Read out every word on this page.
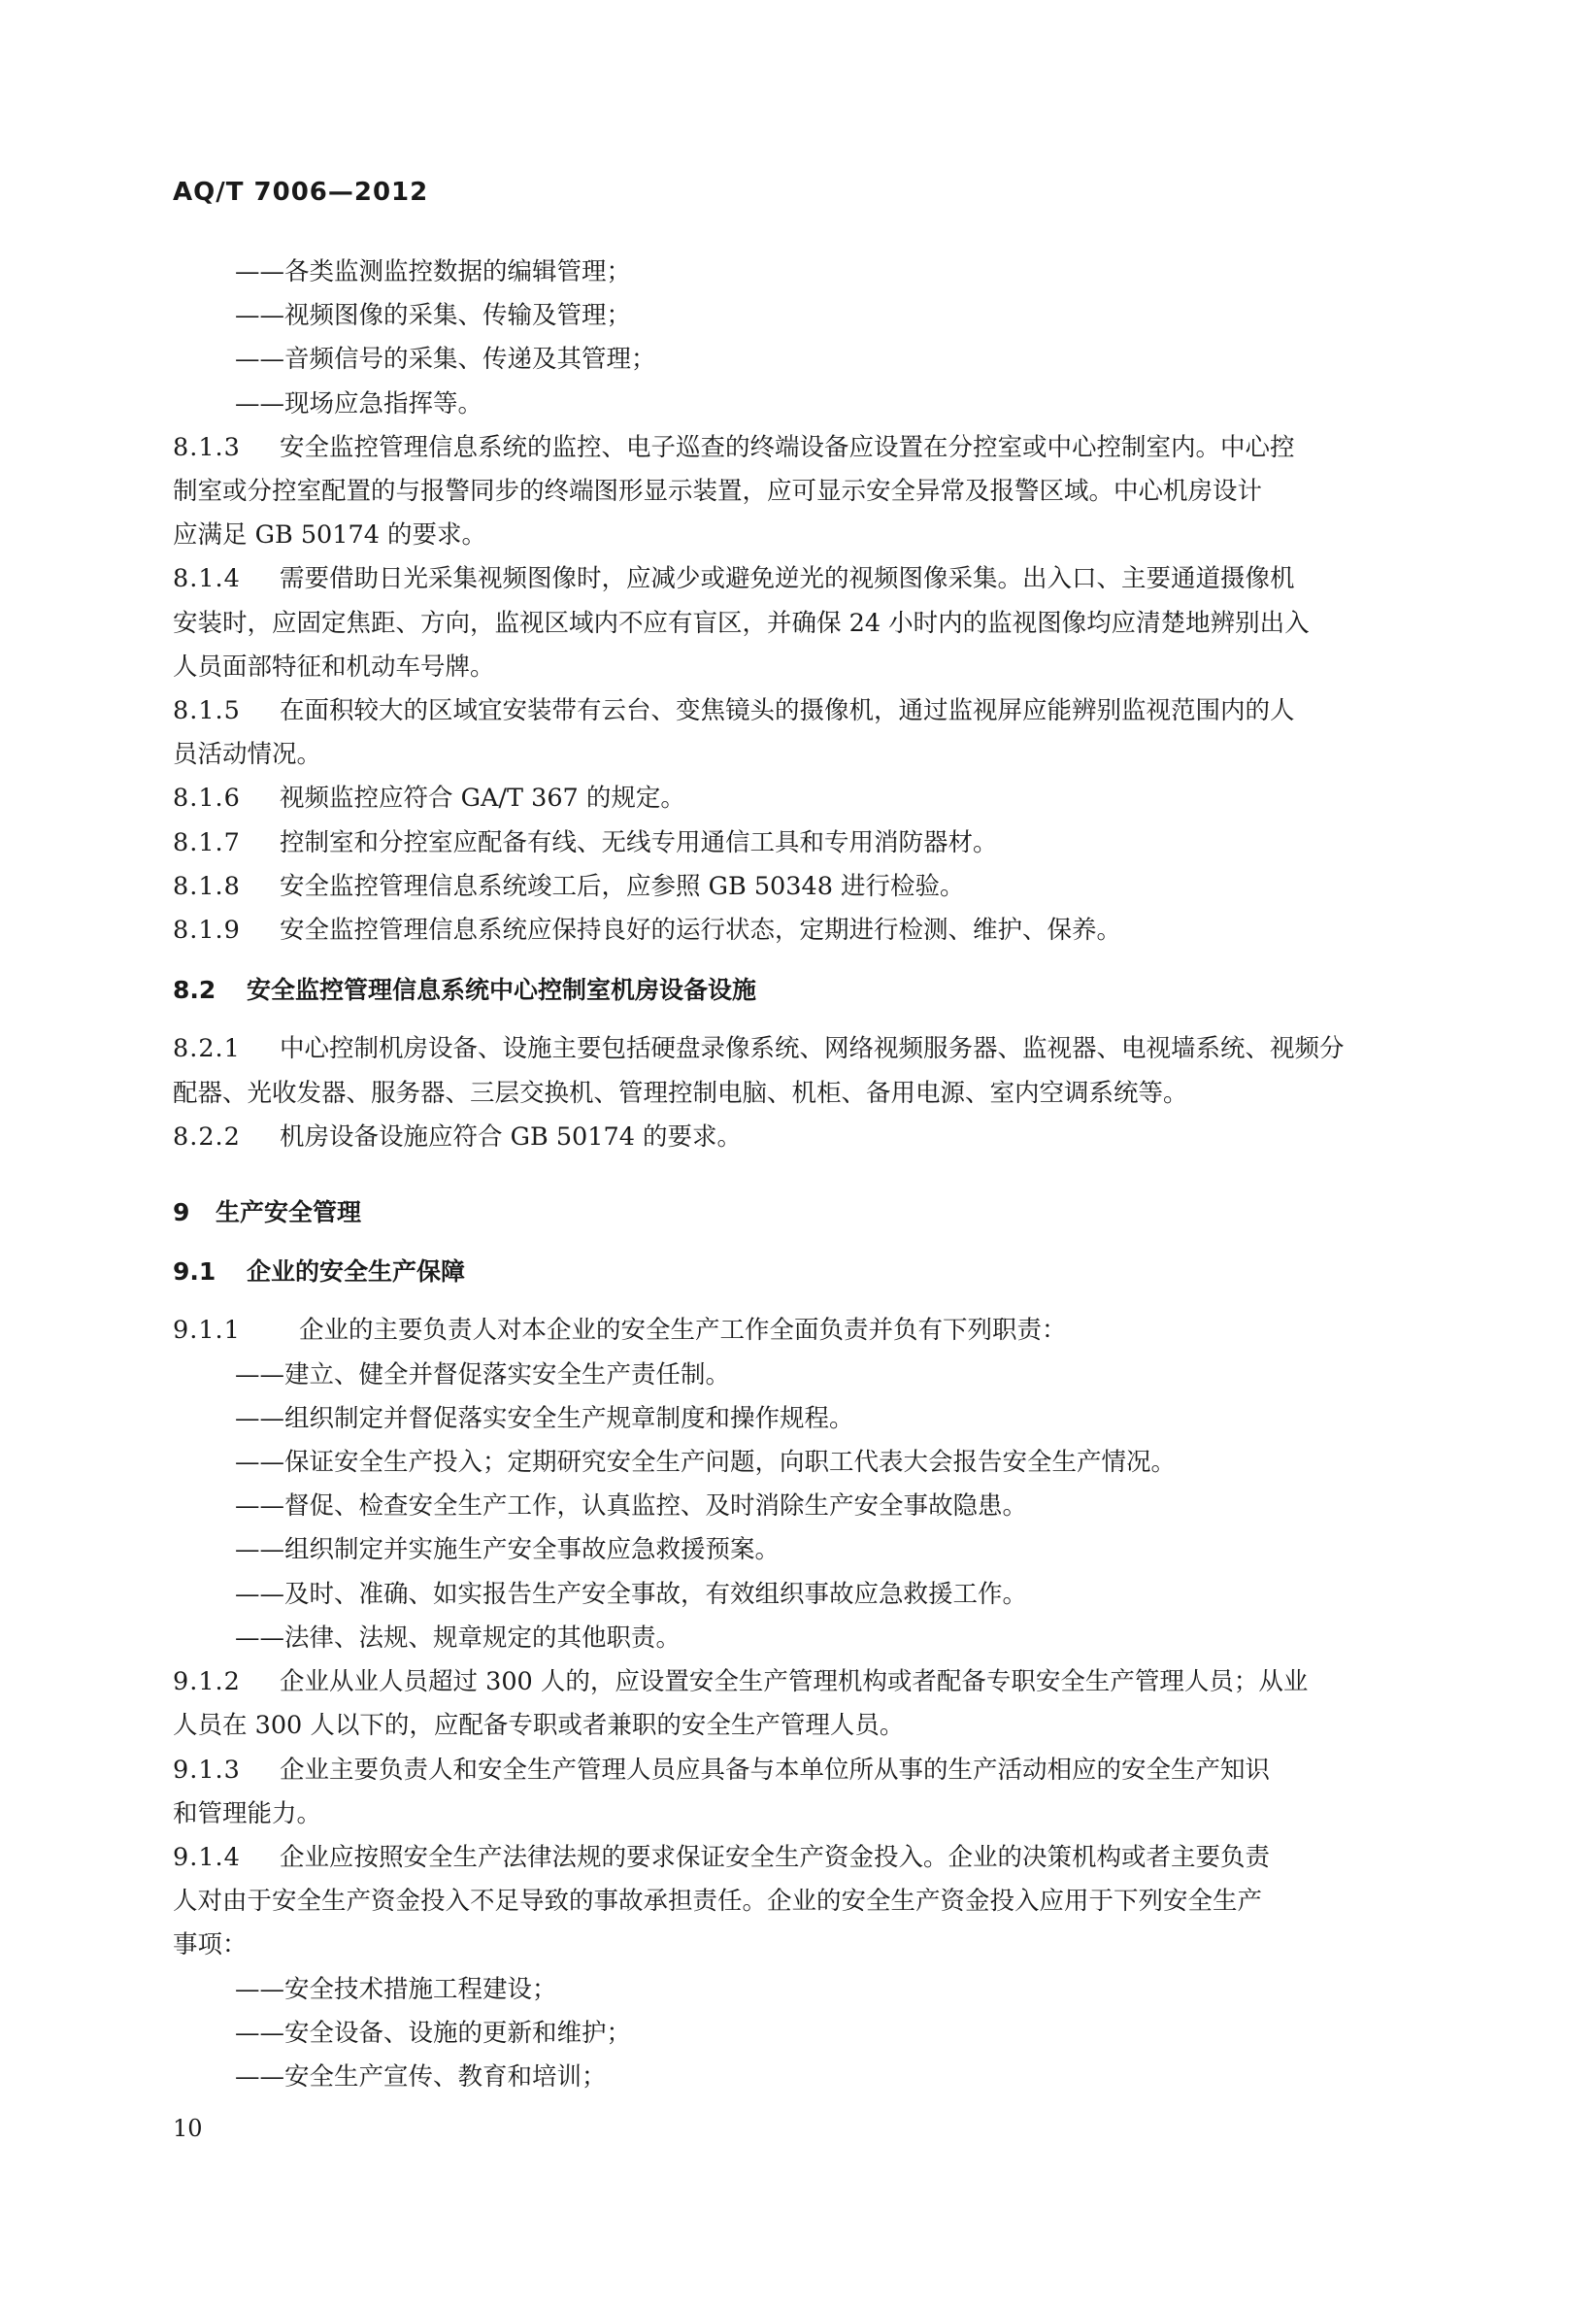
AQ/T 7006—2012
——各类监测监控数据的编辑管理；
——视频图像的采集、传输及管理；
——音频信号的采集、传递及其管理；
——现场应急指挥等。
8.1.3 安全监控管理信息系统的监控、电子巡查的终端设备应设置在分控室或中心控制室内。中心控
制室或分控室配置的与报警同步的终端图形显示装置，应可显示安全异常及报警区域。中心机房设计
应满足 GB 50174 的要求。
8.1.4 需要借助日光采集视频图像时，应减少或避免逆光的视频图像采集。出入口、主要通道摄像机
安装时，应固定焦距、方向，监视区域内不应有盲区，并确保 24 小时内的监视图像均应清楚地辨别出入
人员面部特征和机动车号牌。
8.1.5 在面积较大的区域宜安装带有云台、变焦镜头的摄像机，通过监视屏应能辨别监视范围内的人
员活动情况。
8.1.6 视频监控应符合 GA/T 367 的规定。
8.1.7 控制室和分控室应配备有线、无线专用通信工具和专用消防器材。
8.1.8 安全监控管理信息系统竣工后，应参照 GB 50348 进行检验。
8.1.9 安全监控管理信息系统应保持良好的运行状态，定期进行检测、维护、保养。
8.2 安全监控管理信息系统中心控制室机房设备设施
8.2.1 中心控制机房设备、设施主要包括硬盘录像系统、网络视频服务器、监视器、电视墙系统、视频分
配器、光收发器、服务器、三层交换机、管理控制电脑、机柜、备用电源、室内空调系统等。
8.2.2 机房设备设施应符合 GB 50174 的要求。
9 生产安全管理
9.1 企业的安全生产保障
9.1.1 企业的主要负责人对本企业的安全生产工作全面负责并负有下列职责：
——建立、健全并督促落实安全生产责任制。
——组织制定并督促落实安全生产规章制度和操作规程。
——保证安全生产投入；定期研究安全生产问题，向职工代表大会报告安全生产情况。
——督促、检查安全生产工作，认真监控、及时消除生产安全事故隐患。
——组织制定并实施生产安全事故应急救援预案。
——及时、准确、如实报告生产安全事故，有效组织事故应急救援工作。
——法律、法规、规章规定的其他职责。
9.1.2 企业从业人员超过 300 人的，应设置安全生产管理机构或者配备专职安全生产管理人员；从业
人员在 300 人以下的，应配备专职或者兼职的安全生产管理人员。
9.1.3 企业主要负责人和安全生产管理人员应具备与本单位所从事的生产活动相应的安全生产知识
和管理能力。
9.1.4 企业应按照安全生产法律法规的要求保证安全生产资金投入。企业的决策机构或者主要负责
人对由于安全生产资金投入不足导致的事故承担责任。企业的安全生产资金投入应用于下列安全生产
事项：
——安全技术措施工程建设；
——安全设备、设施的更新和维护；
——安全生产宣传、教育和培训；
10
